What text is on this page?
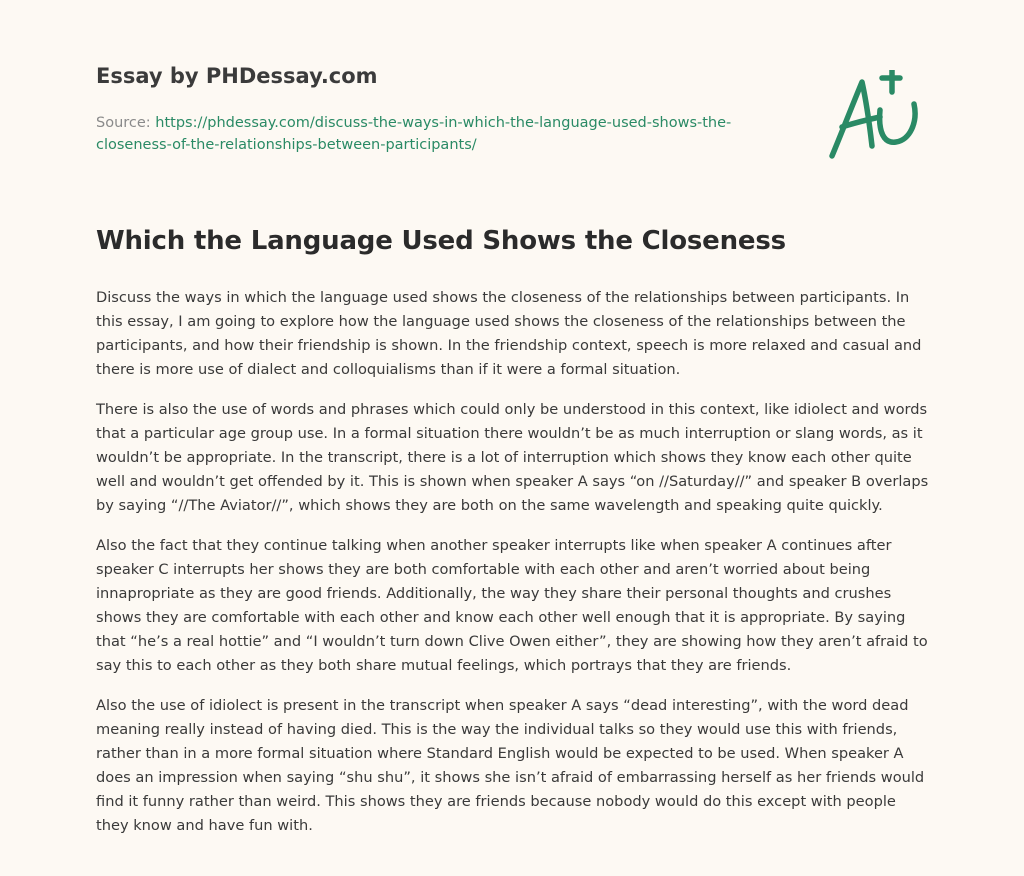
Essay by PHDessay.com
Source: https://phdessay.com/discuss-the-ways-in-which-the-language-used-shows-the-closeness-of-the-relationships-between-participants/
Which the Language Used Shows the Closeness

Discuss the ways in which the language used shows the closeness of the relationships between participants. In this essay, I am going to explore how the language used shows the closeness of the relationships between the participants, and how their friendship is shown. In the friendship context, speech is more relaxed and casual and there is more use of dialect and colloquialisms than if it were a formal situation.

There is also the use of words and phrases which could only be understood in this context, like idiolect and words that a particular age group use. In a formal situation there wouldn’t be as much interruption or slang words, as it wouldn’t be appropriate. In the transcript, there is a lot of interruption which shows they know each other quite well and wouldn’t get offended by it. This is shown when speaker A says “on //Saturday//” and speaker B overlaps by saying “//The Aviator//”, which shows they are both on the same wavelength and speaking quite quickly.

Also the fact that they continue talking when another speaker interrupts like when speaker A continues after speaker C interrupts her shows they are both comfortable with each other and aren’t worried about being innapropriate as they are good friends. Additionally, the way they share their personal thoughts and crushes shows they are comfortable with each other and know each other well enough that it is appropriate. By saying that “he’s a real hottie” and “I wouldn’t turn down Clive Owen either”, they are showing how they aren’t afraid to say this to each other as they both share mutual feelings, which portrays that they are friends.

Also the use of idiolect is present in the transcript when speaker A says “dead interesting”, with the word dead meaning really instead of having died. This is the way the individual talks so they would use this with friends, rather than in a more formal situation where Standard English would be expected to be used. When speaker A does an impression when saying “shu shu”, it shows she isn’t afraid of embarrassing herself as her friends would find it funny rather than weird. This shows they are friends because nobody would do this except with people they know and have fun with.
